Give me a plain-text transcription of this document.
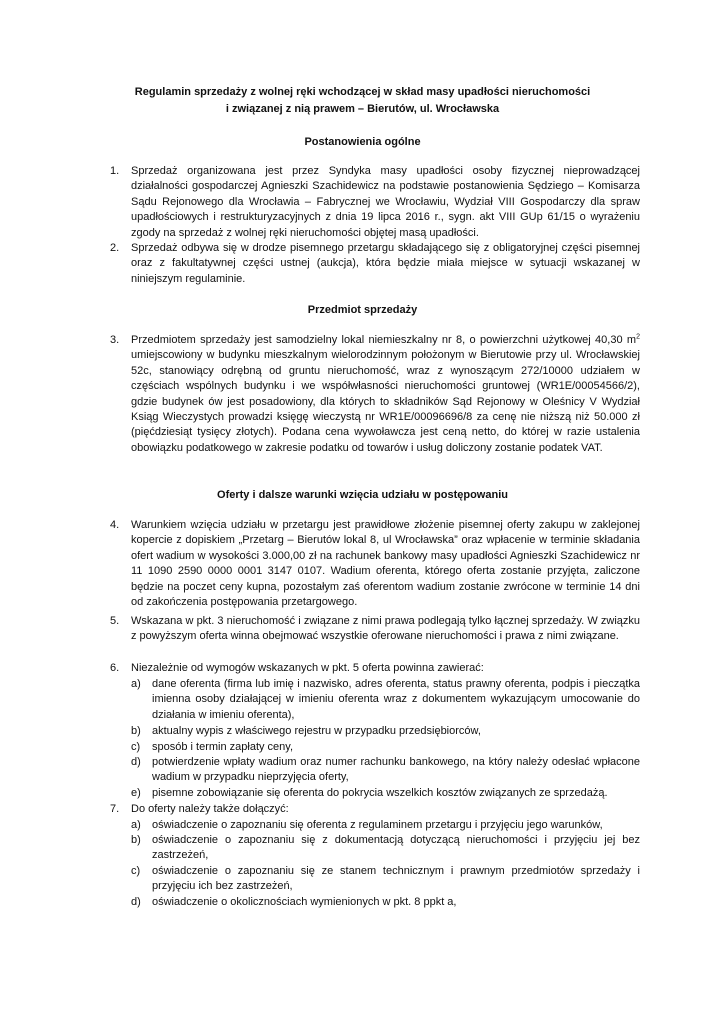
Regulamin sprzedaży z wolnej ręki wchodzącej w skład masy upadłości nieruchomości
i związanej z nią prawem – Bierutów, ul. Wrocławska
Postanowienia ogólne
1.	Sprzedaż organizowana jest przez Syndyka masy upadłości osoby fizycznej nieprowadzącej działalności gospodarczej Agnieszki Szachidewicz na podstawie postanowienia Sędziego – Komisarza Sądu Rejonowego dla Wrocławia – Fabrycznej we Wrocławiu, Wydział VIII Gospodarczy dla spraw upadłościowych i restrukturyzacyjnych z dnia 19 lipca 2016 r., sygn. akt VIII GUp 61/15 o wyrażeniu zgody na sprzedaż z wolnej ręki nieruchomości objętej masą upadłości.
2.	Sprzedaż odbywa się w drodze pisemnego przetargu składającego się z obligatoryjnej części pisemnej oraz z fakultatywnej części ustnej (aukcja), która będzie miała miejsce w sytuacji wskazanej w niniejszym regulaminie.
Przedmiot sprzedaży
3.	Przedmiotem sprzedaży jest samodzielny lokal niemieszkalny nr 8, o powierzchni użytkowej 40,30 $m^2$ umiejscowiony w budynku mieszkalnym wielorodzinnym położonym w Bierutowie przy ul. Wrocławskiej 52c, stanowiący odrębną od gruntu nieruchomość, wraz z wynoszącym 272/10000 udziałem w częściach wspólnych budynku i we współwłasności nieruchomości gruntowej (WR1E/00054566/2), gdzie budynek ów jest posadowiony, dla których to składników Sąd Rejonowy w Oleśnicy V Wydział Ksiąg Wieczystych prowadzi księgę wieczystą nr WR1E/00096696/8 za cenę nie niższą niż 50.000 zł (pięćdziesiąt tysięcy złotych). Podana cena wywoławcza jest ceną netto, do której w razie ustalenia obowiązku podatkowego w zakresie podatku od towarów i usług doliczony zostanie podatek VAT.
Oferty i dalsze warunki wzięcia udziału w postępowaniu
4.	Warunkiem wzięcia udziału w przetargu jest prawidłowe złożenie pisemnej oferty zakupu w zaklejonej kopercie z dopiskiem „Przetarg – Bierutów lokal 8, ul Wrocławska” oraz wpłacenie w terminie składania ofert wadium w wysokości 3.000,00 zł na rachunek bankowy masy upadłości Agnieszki Szachidewicz nr 11 1090 2590 0000 0001 3147 0107. Wadium oferenta, którego oferta zostanie przyjęta, zaliczone będzie na poczet ceny kupna, pozostałym zaś oferentom wadium zostanie zwrócone w terminie 14 dni od zakończenia postępowania przetargowego.
5.	Wskazana w pkt. 3 nieruchomość i związane z nimi prawa podlegają tylko łącznej sprzedaży. W związku z powyższym oferta winna obejmować wszystkie oferowane nieruchomości i prawa z nimi związane.
6.	Niezależnie od wymogów wskazanych w pkt. 5 oferta powinna zawierać:
a)	dane oferenta (firma lub imię i nazwisko, adres oferenta, status prawny oferenta, podpis i pieczątka imienna osoby działającej w imieniu oferenta wraz z dokumentem wykazującym umocowanie do działania w imieniu oferenta),
b)	aktualny wypis z właściwego rejestru w przypadku przedsiębiorców,
c)	sposób i termin zapłaty ceny,
d)	potwierdzenie wpłaty wadium oraz numer rachunku bankowego, na który należy odesłać wpłacone wadium w przypadku nieprzyjęcia oferty,
e)	pisemne zobowiązanie się oferenta do pokrycia wszelkich kosztów związanych ze sprzedażą.
7.	Do oferty należy także dołączyć:
a)	oświadczenie o zapoznaniu się oferenta z regulaminem przetargu i przyjęciu jego warunków,
b)	oświadczenie o zapoznaniu się z dokumentacją dotyczącą nieruchomości i przyjęciu jej bez zastrzeżeń,
c)	oświadczenie o zapoznaniu się ze stanem technicznym i prawnym przedmiotów sprzedaży i przyjęciu ich bez zastrzeżeń,
d)	oświadczenie o okolicznościach wymienionych w pkt. 8 ppkt a,
